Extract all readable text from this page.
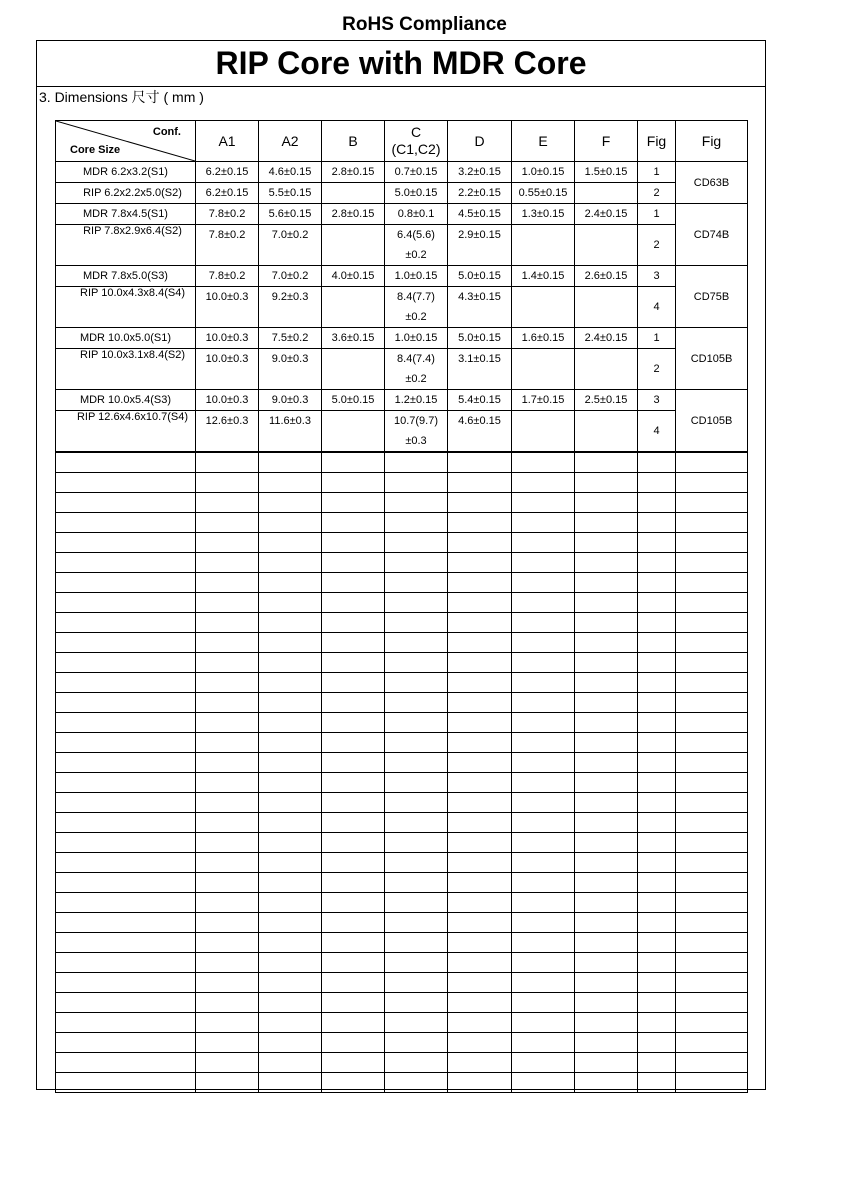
RoHS Compliance
RIP Core with MDR Core
3. Dimensions 尺寸 ( mm )
Conf.
Core Size	A1	A2	B	C
(C1,C2)	D	E	F	Fig	Fig
MDR 6.2x3.2(S1)	6.2±0.15	4.6±0.15	2.8±0.15	0.7±0.15	3.2±0.15	1.0±0.15	1.5±0.15	1	CD63B
RIP 6.2x2.2x5.0(S2)	6.2±0.15	5.5±0.15		5.0±0.15	2.2±0.15	0.55±0.15		2	
MDR 7.8x4.5(S1)	7.8±0.2	5.6±0.15	2.8±0.15	0.8±0.1	4.5±0.15	1.3±0.15	2.4±0.15	1	CD74B
RIP 7.8x2.9x6.4(S2)	7.8±0.2	7.0±0.2		6.4(5.6)
±0.2	2.9±0.15			2	
MDR 7.8x5.0(S3)	7.8±0.2	7.0±0.2	4.0±0.15	1.0±0.15	5.0±0.15	1.4±0.15	2.6±0.15	3	CD75B
RIP 10.0x4.3x8.4(S4)	10.0±0.3	9.2±0.3		8.4(7.7)
±0.2	4.3±0.15			4	
MDR 10.0x5.0(S1)	10.0±0.3	7.5±0.2	3.6±0.15	1.0±0.15	5.0±0.15	1.6±0.15	2.4±0.15	1	CD105B
RIP 10.0x3.1x8.4(S2)	10.0±0.3	9.0±0.3		8.4(7.4)
±0.2	3.1±0.15			2	
MDR 10.0x5.4(S3)	10.0±0.3	9.0±0.3	5.0±0.15	1.2±0.15	5.4±0.15	1.7±0.15	2.5±0.15	3	CD105B
RIP 12.6x4.6x10.7(S4)	12.6±0.3	11.6±0.3		10.7(9.7)
±0.3	4.6±0.15			4	
